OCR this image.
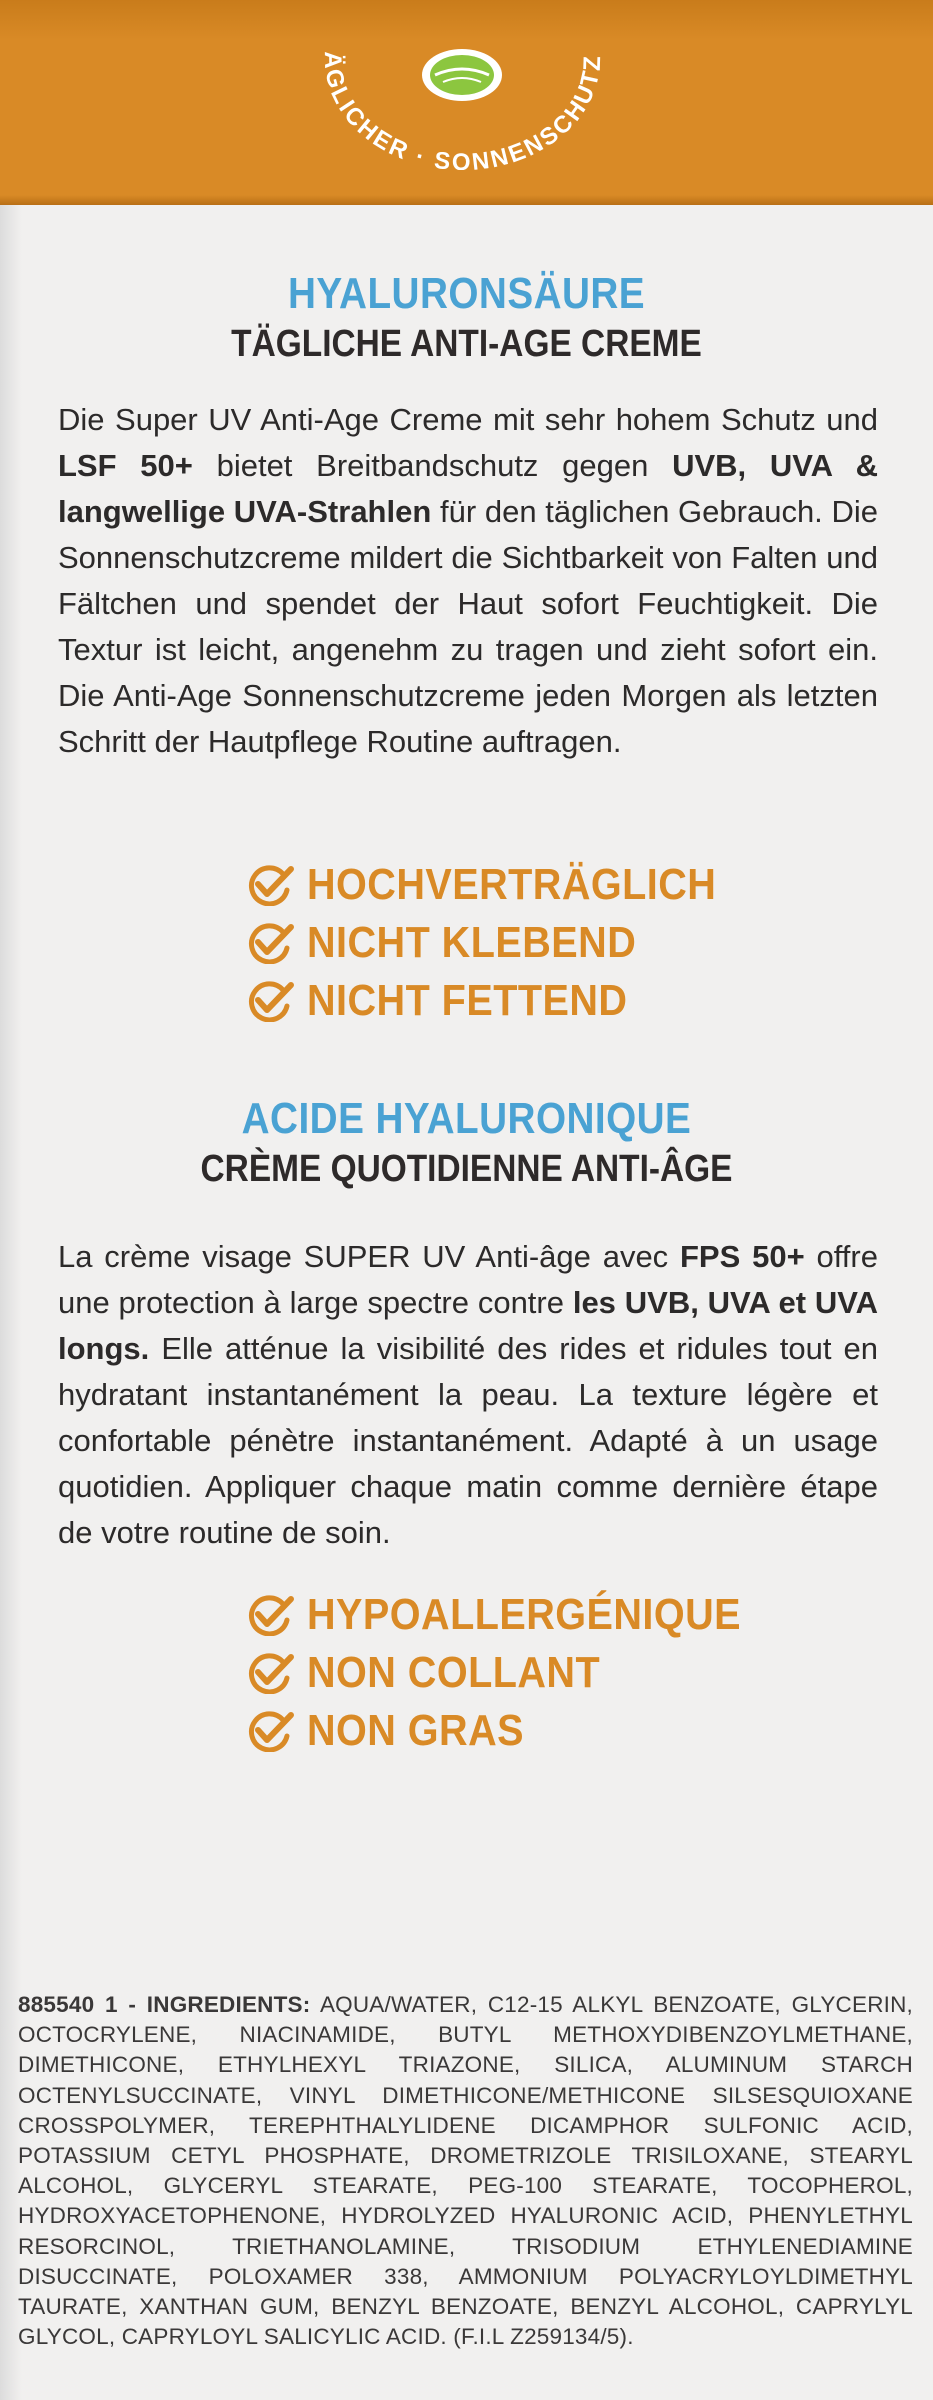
ÄGLICHER · SONNENSCHUTZ
HYALURONSÄURE
TÄGLICHE ANTI-AGE CREME
Die Super UV Anti-Age Creme mit sehr hohem Schutz und LSF 50+ bietet Breitbandschutz gegen UVB, UVA & langwellige UVA-Strahlen für den täglichen Gebrauch. Die Sonnenschutzcreme mildert die Sichtbarkeit von Falten und Fältchen und spendet der Haut sofort Feuchtigkeit. Die Textur ist leicht, angenehm zu tragen und zieht sofort ein. Die Anti-Age Sonnenschutzcreme jeden Morgen als letzten Schritt der Hautpflege Routine auftragen.
HOCHVERTRÄGLICH
NICHT KLEBEND
NICHT FETTEND
ACIDE HYALURONIQUE
CRÈME QUOTIDIENNE ANTI-ÂGE
La crème visage SUPER UV Anti-âge avec FPS 50+ offre une protection à large spectre contre les UVB, UVA et UVA longs. Elle atténue la visibilité des rides et ridules tout en hydratant instantanément la peau. La texture légère et confortable pénètre instantanément. Adapté à un usage quotidien. Appliquer chaque matin comme dernière étape de votre routine de soin.
HYPOALLERGÉNIQUE
NON COLLANT
NON GRAS
885540 1 - INGREDIENTS: AQUA/WATER, C12-15 ALKYL BENZOATE, GLYCERIN, OCTOCRYLENE, NIACINAMIDE, BUTYL METHOXYDIBENZOYLMETHANE, DIMETHICONE, ETHYLHEXYL TRIAZONE, SILICA, ALUMINUM STARCH OCTENYLSUCCINATE, VINYL DIMETHICONE/METHICONE SILSESQUIOXANE CROSSPOLYMER, TEREPHTHALYLIDENE DICAMPHOR SULFONIC ACID, POTASSIUM CETYL PHOSPHATE, DROMETRIZOLE TRISILOXANE, STEARYL ALCOHOL, GLYCERYL STEARATE, PEG-100 STEARATE, TOCOPHEROL, HYDROXYACETOPHENONE, HYDROLYZED HYALURONIC ACID, PHENYLETHYL RESORCINOL, TRIETHANOLAMINE, TRISODIUM ETHYLENEDIAMINE DISUCCINATE, POLOXAMER 338, AMMONIUM POLYACRYLOYLDIMETHYL TAURATE, XANTHAN GUM, BENZYL BENZOATE, BENZYL ALCOHOL, CAPRYLYL GLYCOL, CAPRYLOYL SALICYLIC ACID. (F.I.L Z259134/5).
